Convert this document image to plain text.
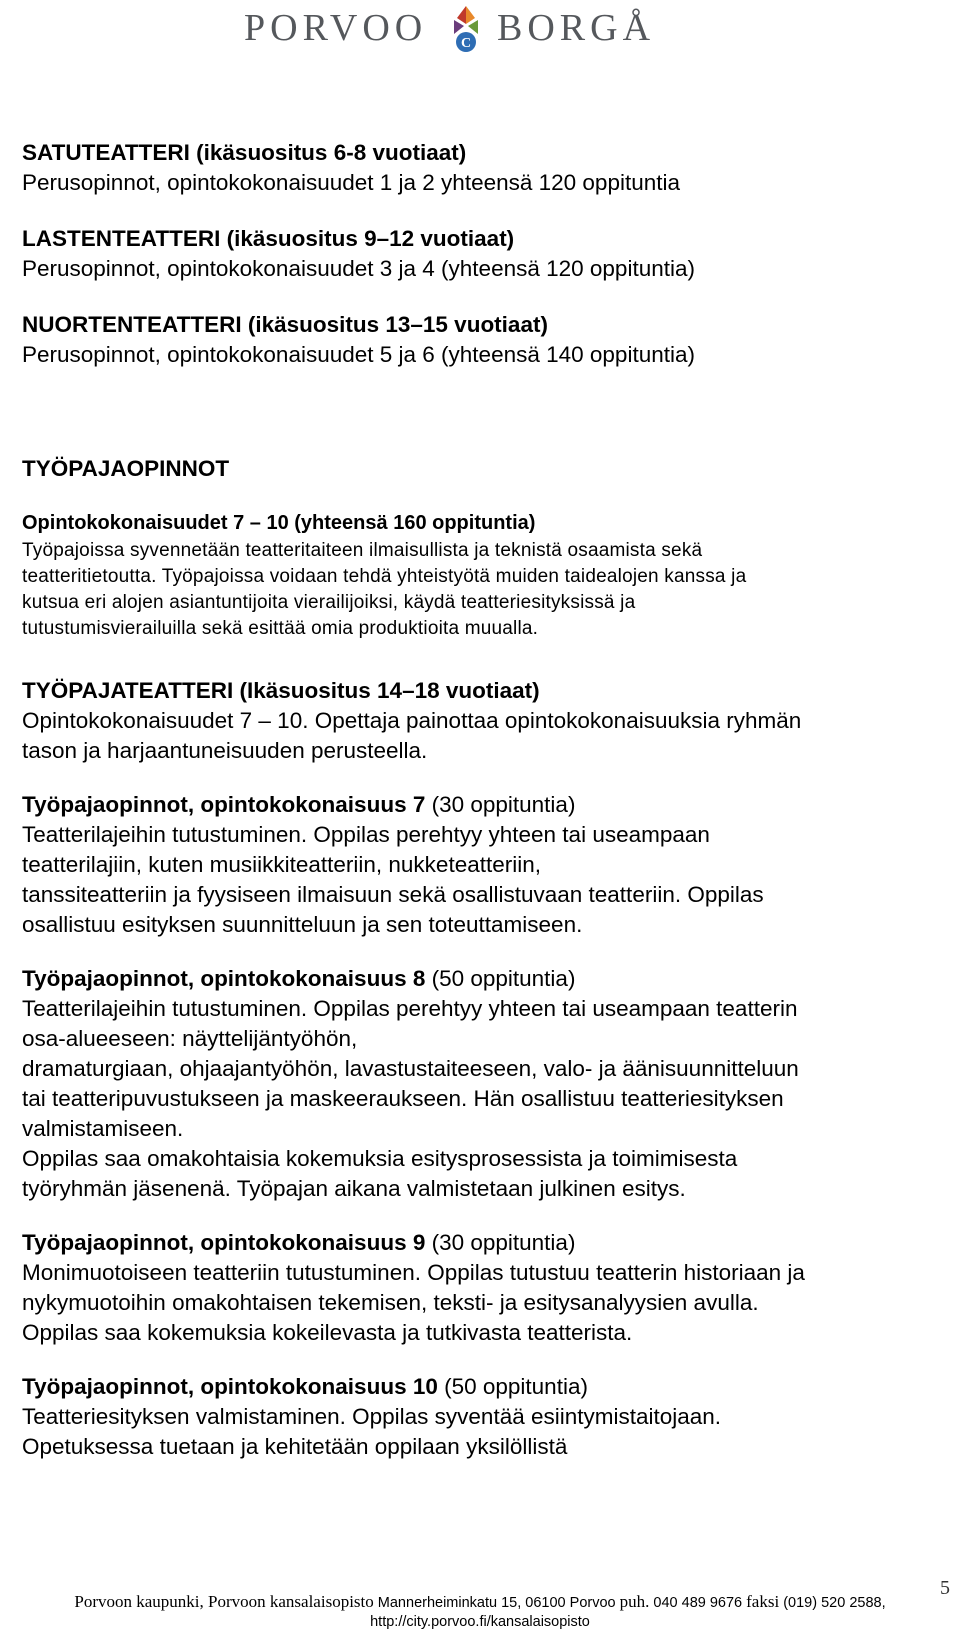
PORVOO C BORGÅ
SATUTEATTERI (ikäsuositus 6-8 vuotiaat)
Perusopinnot, opintokokonaisuudet 1 ja 2 yhteensä 120 oppituntia
LASTENTEATTERI (ikäsuositus 9–12 vuotiaat)
Perusopinnot, opintokokonaisuudet 3 ja 4 (yhteensä 120 oppituntia)
NUORTENTEATTERI (ikäsuositus 13–15 vuotiaat)
Perusopinnot, opintokokonaisuudet 5 ja 6 (yhteensä 140 oppituntia)
TYÖPAJAOPINNOT
Opintokokonaisuudet 7 – 10 (yhteensä 160 oppituntia)
Työpajoissa syvennetään teatteritaiteen ilmaisullista ja teknistä osaamista sekä
teatteritietoutta. Työpajoissa voidaan tehdä yhteistyötä muiden taidealojen kanssa ja
kutsua eri alojen asiantuntijoita vierailijoiksi, käydä teatteriesityksissä ja
tutustumisvierailuilla sekä esittää omia produktioita muualla.
TYÖPAJATEATTERI (Ikäsuositus 14–18 vuotiaat)
Opintokokonaisuudet 7 – 10. Opettaja painottaa opintokokonaisuuksia ryhmän
tason ja harjaantuneisuuden perusteella.
Työpajaopinnot, opintokokonaisuus 7 (30 oppituntia)
Teatterilajeihin tutustuminen. Oppilas perehtyy yhteen tai useampaan
teatterilajiin, kuten musiikkiteatteriin, nukketeatteriin,
tanssiteatteriin ja fyysiseen ilmaisuun sekä osallistuvaan teatteriin. Oppilas
osallistuu esityksen suunnitteluun ja sen toteuttamiseen.
Työpajaopinnot, opintokokonaisuus 8 (50 oppituntia)
Teatterilajeihin tutustuminen. Oppilas perehtyy yhteen tai useampaan teatterin
osa-alueeseen: näyttelijäntyöhön,
dramaturgiaan, ohjaajantyöhön, lavastustaiteeseen, valo- ja äänisuunnitteluun
tai teatteripuvustukseen ja maskeeraukseen. Hän osallistuu teatteriesityksen
valmistamiseen.
Oppilas saa omakohtaisia kokemuksia esitysprosessista ja toimimisesta
työryhmän jäsenenä. Työpajan aikana valmistetaan julkinen esitys.
Työpajaopinnot, opintokokonaisuus 9 (30 oppituntia)
Monimuotoiseen teatteriin tutustuminen. Oppilas tutustuu teatterin historiaan ja
nykymuotoihin omakohtaisen tekemisen, teksti- ja esitysanalyysien avulla.
Oppilas saa kokemuksia kokeilevasta ja tutkivasta teatterista.
Työpajaopinnot, opintokokonaisuus 10 (50 oppituntia)
Teatteriesityksen valmistaminen. Oppilas syventää esiintymistaitojaan.
Opetuksessa tuetaan ja kehitetään oppilaan yksilöllistä
5
Porvoon kaupunki, Porvoon kansalaisopisto Mannerheiminkatu 15, 06100 Porvoo puh. 040 489 9676 faksi (019) 520 2588,
http://city.porvoo.fi/kansalaisopisto
